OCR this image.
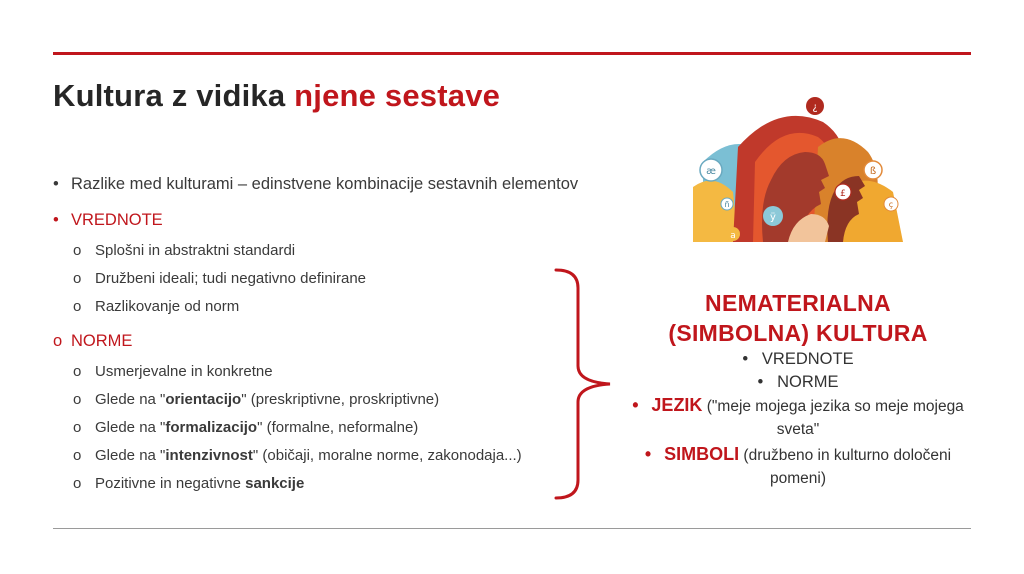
Kultura z vidika njene sestave
• Razlike med kulturami – edinstvene kombinacije sestavnih elementov
• VREDNOTE
o Splošni in abstraktni standardi
o Družbeni ideali; tudi negativno definirane
o Razlikovanje od norm
o NORME
o Usmerjevalne in konkretne
o Glede na "orientacijo" (preskriptivne, proskriptivne)
o Glede na "formalizacijo" (formalne, neformalne)
o Glede na "intenzivnost" (običaji, moralne norme, zakonodaja...)
o Pozitivne in negativne sankcije
¿
æ	ß
£
ÿ
a
ç
ñ
NEMATERIALNA
(SIMBOLNA) KULTURA
• VREDNOTE
• NORME
• JEZIK ("meje mojega jezika so meje mojega sveta"
• SIMBOLI (družbeno in kulturno določeni pomeni)
